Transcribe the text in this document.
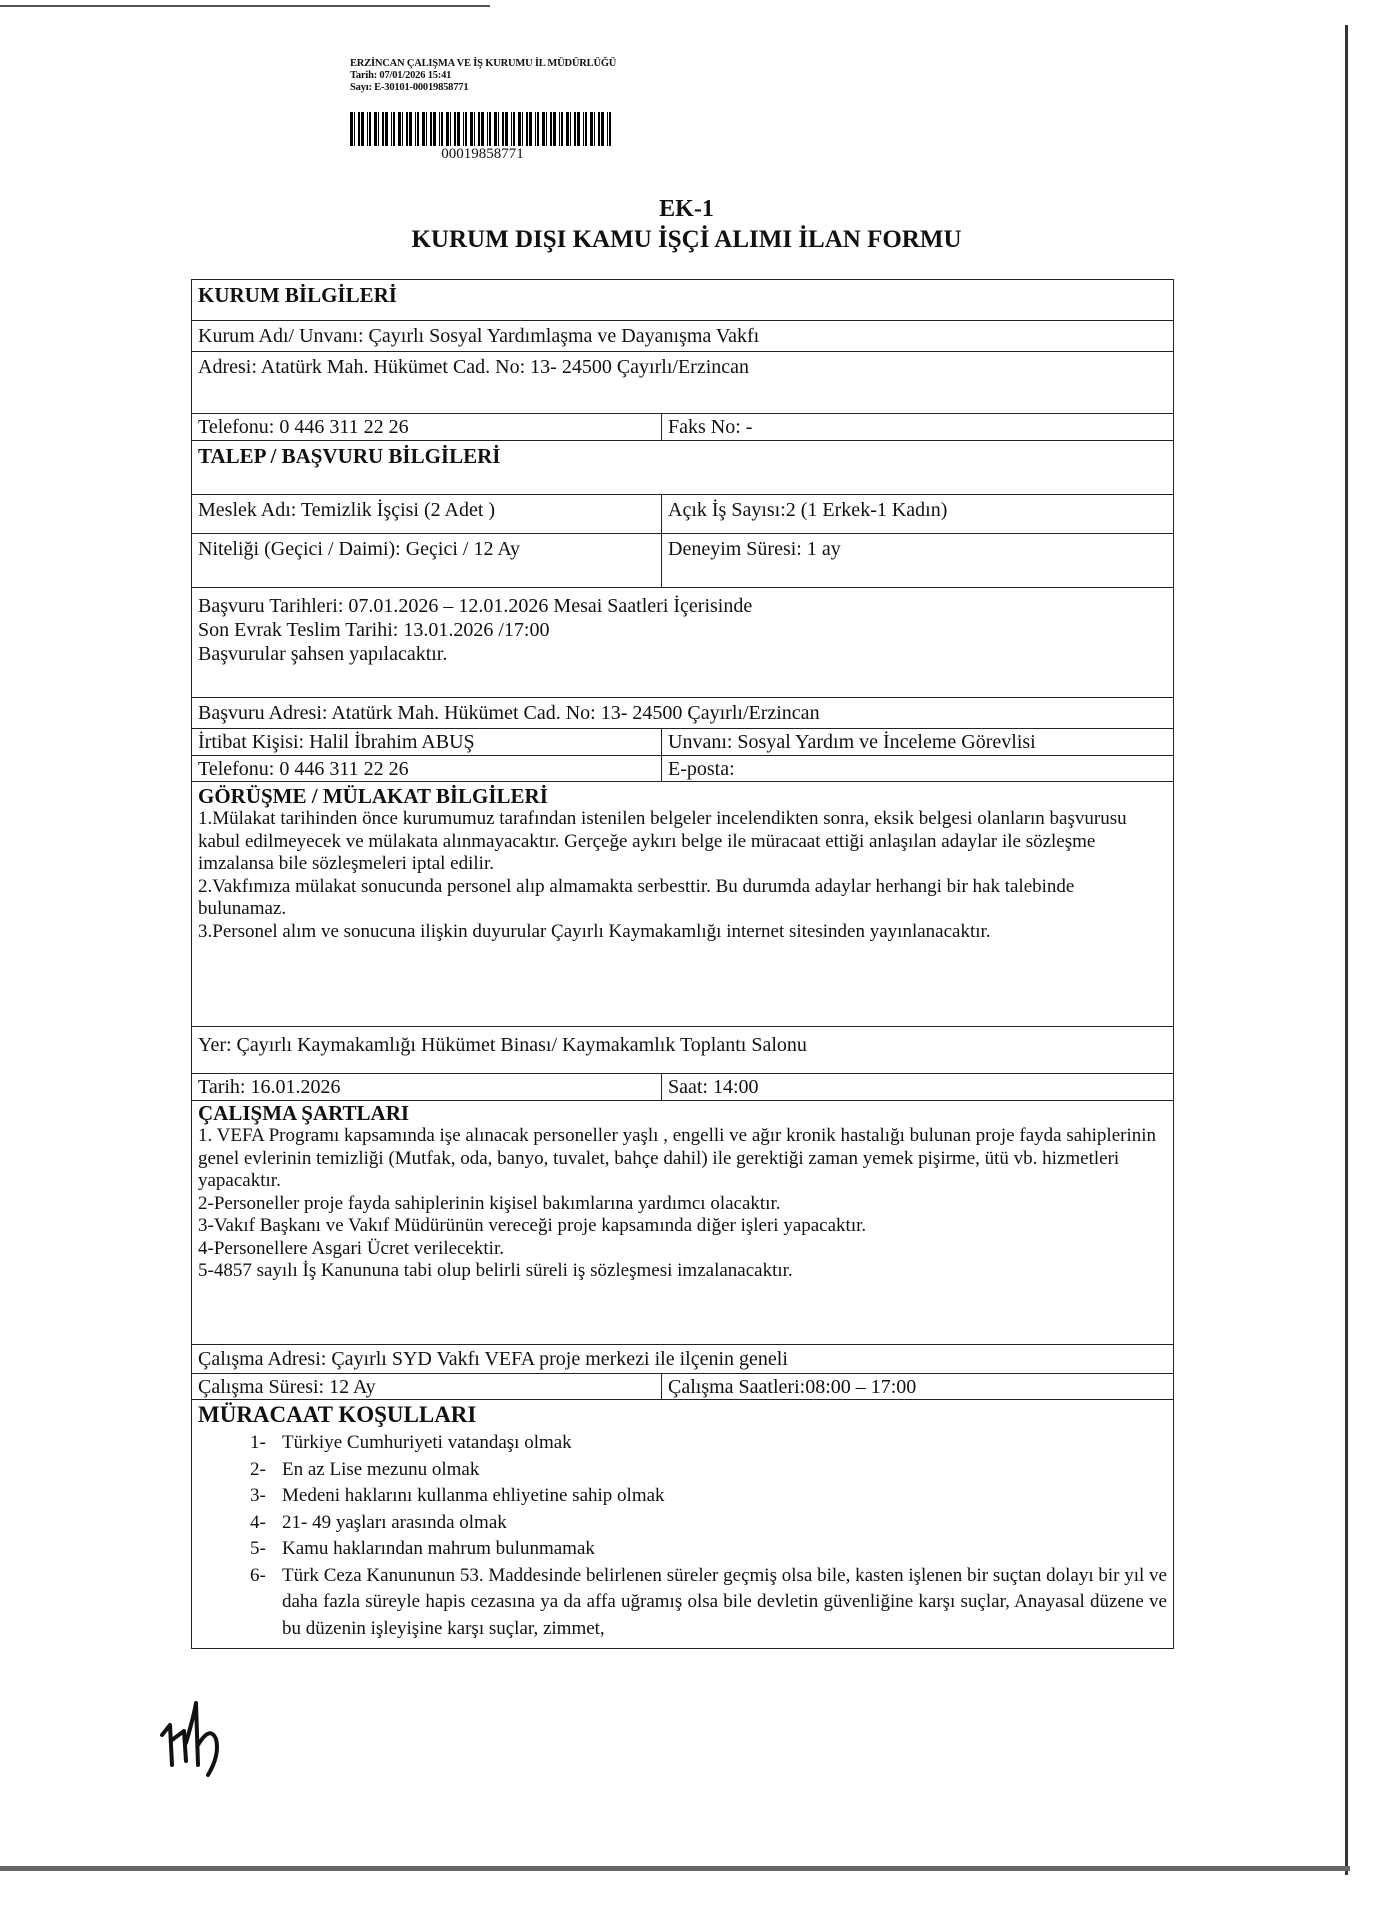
ERZİNCAN ÇALIŞMA VE İŞ KURUMU İL MÜDÜRLÜĞÜ
Tarih: 07/01/2026 15:41
Sayı: E-30101-00019858771
00019858771
EK-1
KURUM DIŞI KAMU İŞÇİ ALIMI İLAN FORMU
KURUM BİLGİLERİ
Kurum Adı/ Unvanı: Çayırlı Sosyal Yardımlaşma ve Dayanışma Vakfı
Adresi: Atatürk Mah. Hükümet Cad. No: 13- 24500 Çayırlı/Erzincan
Telefonu: 0 446 311 22 26	Faks No: -
TALEP / BAŞVURU BİLGİLERİ
Meslek Adı: Temizlik İşçisi (2 Adet )	Açık İş Sayısı:2 (1 Erkek-1 Kadın)
Niteliği (Geçici / Daimi): Geçici / 12 Ay	Deneyim Süresi: 1 ay
Başvuru Tarihleri: 07.01.2026 – 12.01.2026 Mesai Saatleri İçerisinde
Son Evrak Teslim Tarihi: 13.01.2026 /17:00
Başvurular şahsen yapılacaktır.
Başvuru Adresi: Atatürk Mah. Hükümet Cad. No: 13- 24500 Çayırlı/Erzincan
İrtibat Kişisi: Halil İbrahim ABUŞ	Unvanı: Sosyal Yardım ve İnceleme Görevlisi
Telefonu: 0 446 311 22 26	E-posta:
GÖRÜŞME / MÜLAKAT BİLGİLERİ
1.Mülakat tarihinden önce kurumumuz tarafından istenilen belgeler incelendikten sonra, eksik belgesi olanların başvurusu kabul edilmeyecek ve mülakata alınmayacaktır. Gerçeğe aykırı belge ile müracaat ettiği anlaşılan adaylar ile sözleşme imzalansa bile sözleşmeleri iptal edilir.
2.Vakfımıza mülakat sonucunda personel alıp almamakta serbesttir. Bu durumda adaylar herhangi bir hak talebinde bulunamaz.
3.Personel alım ve sonucuna ilişkin duyurular Çayırlı Kaymakamlığı internet sitesinden yayınlanacaktır.
Yer: Çayırlı Kaymakamlığı Hükümet Binası/ Kaymakamlık Toplantı Salonu
Tarih: 16.01.2026	Saat: 14:00
ÇALIŞMA ŞARTLARI
1. VEFA Programı kapsamında işe alınacak personeller yaşlı , engelli ve ağır kronik hastalığı bulunan proje fayda sahiplerinin genel evlerinin temizliği (Mutfak, oda, banyo, tuvalet, bahçe dahil) ile gerektiği zaman yemek pişirme, ütü vb. hizmetleri yapacaktır.
2-Personeller proje fayda sahiplerinin kişisel bakımlarına yardımcı olacaktır.
3-Vakıf Başkanı ve Vakıf Müdürünün vereceği proje kapsamında diğer işleri yapacaktır.
4-Personellere Asgari Ücret verilecektir.
5-4857 sayılı İş Kanununa tabi olup belirli süreli iş sözleşmesi imzalanacaktır.
Çalışma Adresi: Çayırlı SYD Vakfı VEFA proje merkezi ile ilçenin geneli
Çalışma Süresi: 12 Ay	Çalışma Saatleri:08:00 – 17:00
MÜRACAAT KOŞULLARI
1- Türkiye Cumhuriyeti vatandaşı olmak
2- En az Lise mezunu olmak
3- Medeni haklarını kullanma ehliyetine sahip olmak
4- 21- 49 yaşları arasında olmak
5- Kamu haklarından mahrum bulunmamak
6- Türk Ceza Kanununun 53. Maddesinde belirlenen süreler geçmiş olsa bile, kasten işlenen bir suçtan dolayı bir yıl ve daha fazla süreyle hapis cezasına ya da affa uğramış olsa bile devletin güvenliğine karşı suçlar, Anayasal düzene ve bu düzenin işleyişine karşı suçlar, zimmet,
